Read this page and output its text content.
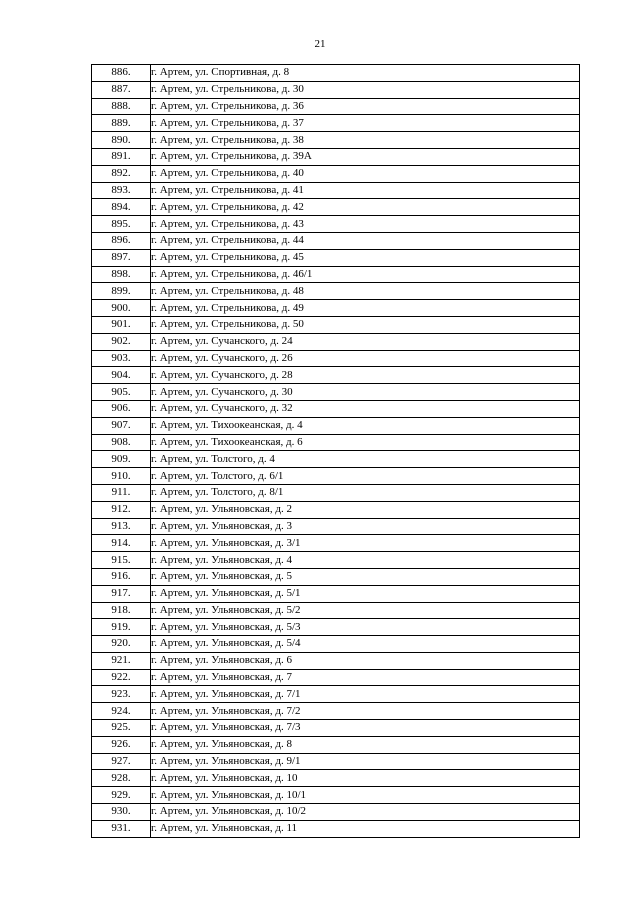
21
886.	г. Артем, ул. Спортивная, д. 8
887.	г. Артем, ул. Стрельникова, д. 30
888.	г. Артем, ул. Стрельникова, д. 36
889.	г. Артем, ул. Стрельникова, д. 37
890.	г. Артем, ул. Стрельникова, д. 38
891.	г. Артем, ул. Стрельникова, д. 39А
892.	г. Артем, ул. Стрельникова, д. 40
893.	г. Артем, ул. Стрельникова, д. 41
894.	г. Артем, ул. Стрельникова, д. 42
895.	г. Артем, ул. Стрельникова, д. 43
896.	г. Артем, ул. Стрельникова, д. 44
897.	г. Артем, ул. Стрельникова, д. 45
898.	г. Артем, ул. Стрельникова, д. 46/1
899.	г. Артем, ул. Стрельникова, д. 48
900.	г. Артем, ул. Стрельникова, д. 49
901.	г. Артем, ул. Стрельникова, д. 50
902.	г. Артем, ул. Сучанского, д. 24
903.	г. Артем, ул. Сучанского, д. 26
904.	г. Артем, ул. Сучанского, д. 28
905.	г. Артем, ул. Сучанского, д. 30
906.	г. Артем, ул. Сучанского, д. 32
907.	г. Артем, ул. Тихоокеанская, д. 4
908.	г. Артем, ул. Тихоокеанская, д. 6
909.	г. Артем, ул. Толстого, д. 4
910.	г. Артем, ул. Толстого, д. 6/1
911.	г. Артем, ул. Толстого, д. 8/1
912.	г. Артем, ул. Ульяновская, д. 2
913.	г. Артем, ул. Ульяновская, д. 3
914.	г. Артем, ул. Ульяновская, д. 3/1
915.	г. Артем, ул. Ульяновская, д. 4
916.	г. Артем, ул. Ульяновская, д. 5
917.	г. Артем, ул. Ульяновская, д. 5/1
918.	г. Артем, ул. Ульяновская, д. 5/2
919.	г. Артем, ул. Ульяновская, д. 5/3
920.	г. Артем, ул. Ульяновская, д. 5/4
921.	г. Артем, ул. Ульяновская, д. 6
922.	г. Артем, ул. Ульяновская, д. 7
923.	г. Артем, ул. Ульяновская, д. 7/1
924.	г. Артем, ул. Ульяновская, д. 7/2
925.	г. Артем, ул. Ульяновская, д. 7/3
926.	г. Артем, ул. Ульяновская, д. 8
927.	г. Артем, ул. Ульяновская, д. 9/1
928.	г. Артем, ул. Ульяновская, д. 10
929.	г. Артем, ул. Ульяновская, д. 10/1
930.	г. Артем, ул. Ульяновская, д. 10/2
931.	г. Артем, ул. Ульяновская, д. 11
